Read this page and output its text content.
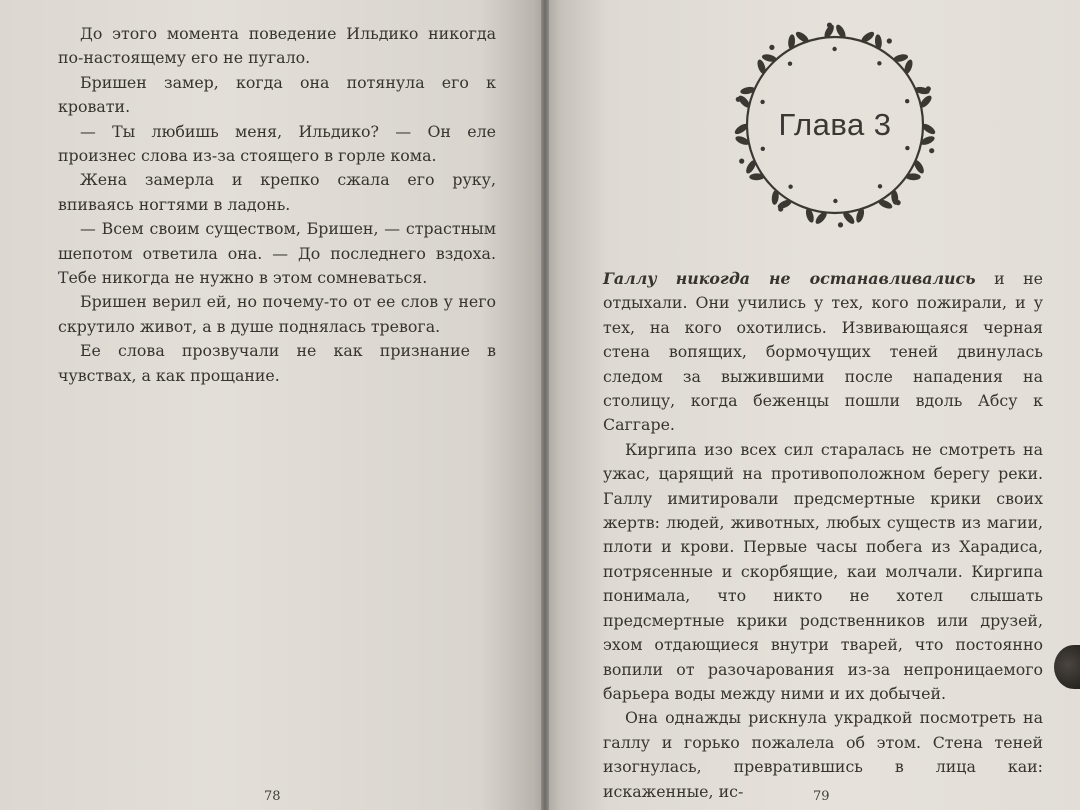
До этого момента поведение Ильдико никогда по-настоящему его не пугало.

Бришен замер, когда она потянула его к кровати.

— Ты любишь меня, Ильдико? — Он еле произнес слова из-за стоящего в горле кома.

Жена замерла и крепко сжала его руку, впиваясь ногтями в ладонь.

— Всем своим существом, Бришен, — страстным шепотом ответила она. — До последнего вздоха. Тебе никогда не нужно в этом сомневаться.

Бришен верил ей, но почему-то от ее слов у него скрутило живот, а в душе поднялась тревога.

Ее слова прозвучали не как признание в чувствах, а как прощание.

78
Глава 3

Галлу никогда не останавливались и не отдыхали. Они учились у тех, кого пожирали, и у тех, на кого охотились. Извивающаяся черная стена вопящих, бормочущих теней двинулась следом за выжившими после нападения на столицу, когда беженцы пошли вдоль Абсу к Саггаре.

Киргипа изо всех сил старалась не смотреть на ужас, царящий на противоположном берегу реки. Галлу имитировали предсмертные крики своих жертв: людей, животных, любых существ из магии, плоти и крови. Первые часы побега из Харадиса, потрясенные и скорбящие, каи молчали. Киргипа понимала, что никто не хотел слышать предсмертные крики родственников или друзей, эхом отдающиеся внутри тварей, что постоянно вопили от разочарования из-за непроницаемого барьера воды между ними и их добычей.

Она однажды рискнула украдкой посмотреть на галлу и горько пожалела об этом. Стена теней изогнулась, превратившись в лица каи: искаженные, ис-	79
